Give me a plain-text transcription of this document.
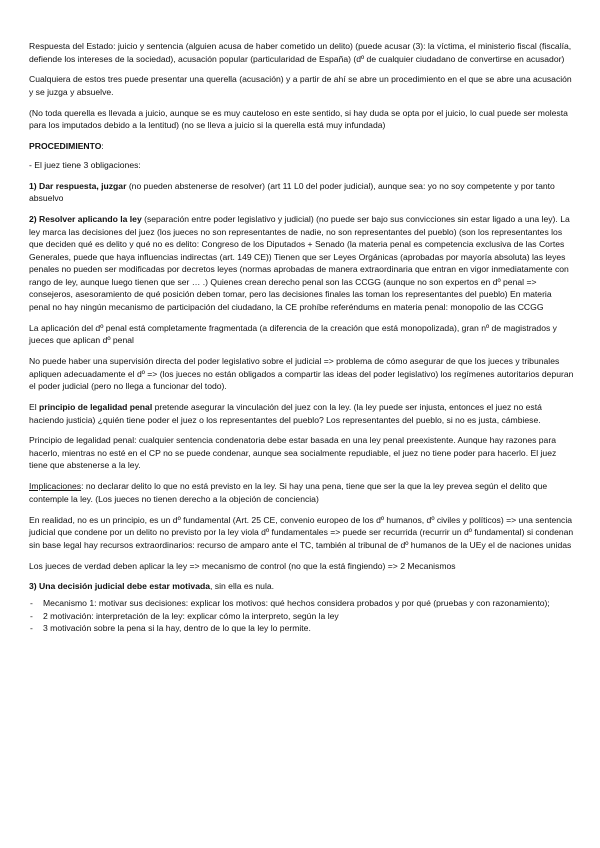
Respuesta del Estado: juicio y sentencia (alguien acusa de haber cometido un delito) (puede acusar (3): la víctima, el ministerio fiscal (fiscalía, defiende los intereses de la sociedad), acusación popular (particularidad de España) (dº de cualquier ciudadano de convertirse en acusador)

Cualquiera de estos tres puede presentar una querella (acusación) y a partir de ahí se abre un procedimiento en el que se abre una acusación y se juzga y absuelve.

(No toda querella es llevada a juicio, aunque se es muy cauteloso en este sentido, si hay duda se opta por el juicio, lo cual puede ser molesta para los imputados debido a la lentitud) (no se lleva a juicio si la querella está muy infundada)

PROCEDIMIENTO:

- El juez tiene 3 obligaciones:

1) Dar respuesta, juzgar (no pueden abstenerse de resolver) (art 11 L0 del poder judicial), aunque sea: yo no soy competente y por tanto absuelvo

2) Resolver aplicando la ley (separación entre poder legislativo y judicial) (no puede ser bajo sus convicciones sin estar ligado a una ley). La ley marca las decisiones del juez (los jueces no son representantes de nadie, no son representantes del pueblo) (son los representantes los que deciden qué es delito y qué no es delito: Congreso de los Diputados + Senado (la materia penal es competencia exclusiva de las Cortes Generales, puede que haya influencias indirectas (art. 149 CE)) Tienen que ser Leyes Orgánicas (aprobadas por mayoría absoluta) las leyes penales no pueden ser modificadas por decretos leyes (normas aprobadas de manera extraordinaria que entran en vigor inmediatamente con rango de ley, aunque luego tienen que ser … .) Quienes crean derecho penal son las CCGG (aunque no son expertos en dº penal => consejeros, asesoramiento de qué posición deben tomar, pero las decisiones finales las toman los representantes del pueblo) En materia penal no hay ningún mecanismo de participación del ciudadano, la CE prohíbe referéndums en materia penal: monopolio de las CCGG

La aplicación del dº penal está completamente fragmentada (a diferencia de la creación que está monopolizada), gran nº de magistrados y jueces que aplican dº penal

No puede haber una supervisión directa del poder legislativo sobre el judicial => problema de cómo asegurar de que los jueces y tribunales apliquen adecuadamente el dº => (los jueces no están obligados a compartir las ideas del poder legislativo) los regímenes autoritarios depuran el poder judicial (pero no llega a funcionar del todo).

El principio de legalidad penal pretende asegurar la vinculación del juez con la ley. (la ley puede ser injusta, entonces el juez no está haciendo justicia) ¿quién tiene poder el juez o los representantes del pueblo? Los representantes del pueblo, si no es justa, cámbiese.

Principio de legalidad penal: cualquier sentencia condenatoria debe estar basada en una ley penal preexistente. Aunque hay razones para hacerlo, mientras no esté en el CP no se puede condenar, aunque sea socialmente repudiable, el juez no tiene poder para hacerlo. El juez tiene que abstenerse a la ley.

Implicaciones: no declarar delito lo que no está previsto en la ley. Si hay una pena, tiene que ser la que la ley prevea según el delito que contemple la ley. (Los jueces no tienen derecho a la objeción de conciencia)

En realidad, no es un principio, es un dº fundamental (Art. 25 CE, convenio europeo de los dº humanos, dº civiles y políticos) => una sentencia judicial que condene por un delito no previsto por la ley viola dº fundamentales => puede ser recurrida (recurrir un dº fundamental) si condenan sin base legal hay recursos extraordinarios: recurso de amparo ante el TC, también al tribunal de dº humanos de la UEy el de naciones unidas

Los jueces de verdad deben aplicar la ley => mecanismo de control (no que la está fingiendo) => 2 Mecanismos

3) Una decisión judicial debe estar motivada, sin ella es nula.

- Mecanismo 1: motivar sus decisiones: explicar los motivos: qué hechos considera probados y por qué (pruebas y con razonamiento);
- 2 motivación: interpretación de la ley: explicar cómo la interpreto, según la ley
- 3 motivación sobre la pena si la hay, dentro de lo que la ley lo permite.
